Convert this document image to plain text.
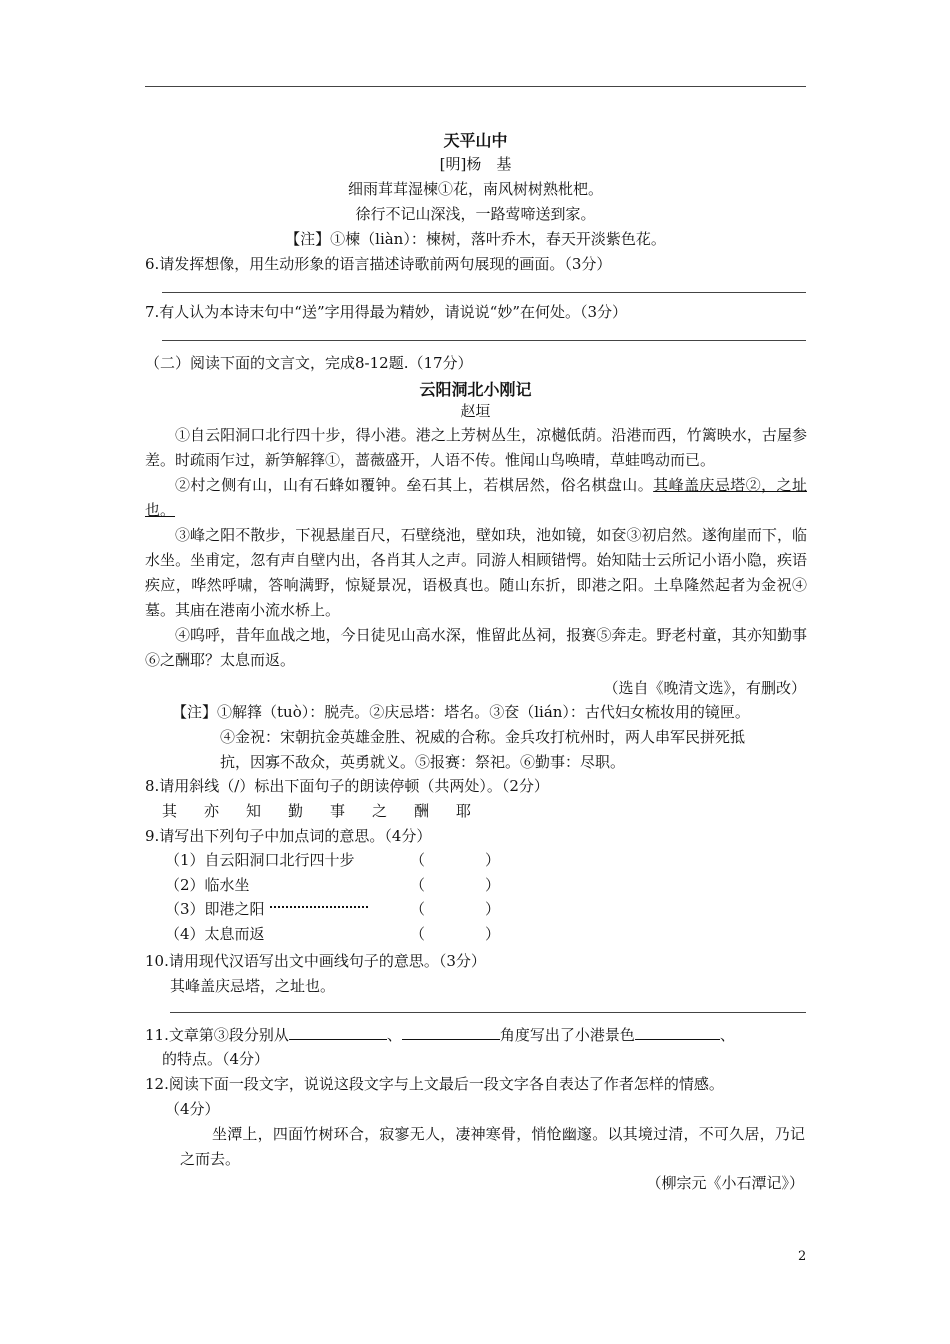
天平山中
[明]杨　基
细雨茸茸湿楝①花，南风树树熟枇杷。
徐行不记山深浅，一路莺啼送到家。
【注】①楝（liàn）：楝树，落叶乔木，春天开淡紫色花。
6.请发挥想像，用生动形象的语言描述诗歌前两句展现的画面。（3分）
7.有人认为本诗末句中“送”字用得最为精妙，请说说“妙”在何处。（3分）
（二）阅读下面的文言文，完成8-12题.（17分）
云阳洞北小刚记
赵垣
①自云阳洞口北行四十步，得小港。港之上芳树丛生，凉樾低荫。沿港而西，竹篱映水，古屋参差。时疏雨乍过，新笋解箨①，蔷薇盛开，人语不传。惟闻山鸟唤晴，草蛙鸣动而已。
②村之侧有山，山有石蜂如覆钟。垒石其上，若棋居然，俗名棋盘山。其峰盖庆忌塔②，之址也。
③峰之阳不散步，下视悬崖百尺，石壁绕池，壁如玦，池如镜，如奁③初启然。遂徇崖而下，临水坐。坐甫定，忽有声自壁内出，各肖其人之声。同游人相顾错愕。始知陆士云所记小语小隐，疾语疾应，哗然呼啸，答响满野，惊疑景况，语极真也。随山东折，即港之阳。土阜隆然起者为金祝④墓。其庙在港南小流水桥上。
④呜呼，昔年血战之地，今日徒见山高水深，惟留此丛祠，报赛⑤奔走。野老村童，其亦知勤事⑥之酬耶？太息而返。
（选自《晚清文选》，有删改）
【注】①解箨（tuò）：脱壳。②庆忌塔：塔名。③奁（lián）：古代妇女梳妆用的镜匣。
④金祝：宋朝抗金英雄金胜、祝威的合称。金兵攻打杭州时，两人串军民拼死抵
抗，因寡不敌众，英勇就义。⑤报赛：祭祀。⑥勤事：尽职。
8.请用斜线（/）标出下面句子的朗读停顿（共两处）。（2分）
其 亦 知 勤 事 之 酬 耶
9.请写出下列句子中加点词的意思。（4分）
（1）自云阳洞口北行四十步	（　　　　）
（2）临水坐	（　　　　）
（3）即港之阳	（　　　　）
（4）太息而返	（　　　　）
10.请用现代汉语写出文中画线句子的意思。（3分）
其峰盖庆忌塔，之址也。
11.文章第③段分别从	、	角度写出了小港景色	、
的特点。（4分）
12.阅读下面一段文字，说说这段文字与上文最后一段文字各自表达了作者怎样的情感。
（4分）
坐潭上，四面竹树环合，寂寥无人，凄神寒骨，悄怆幽邃。以其境过清，不可久居，乃记之而去。
（柳宗元《小石潭记》）
2
